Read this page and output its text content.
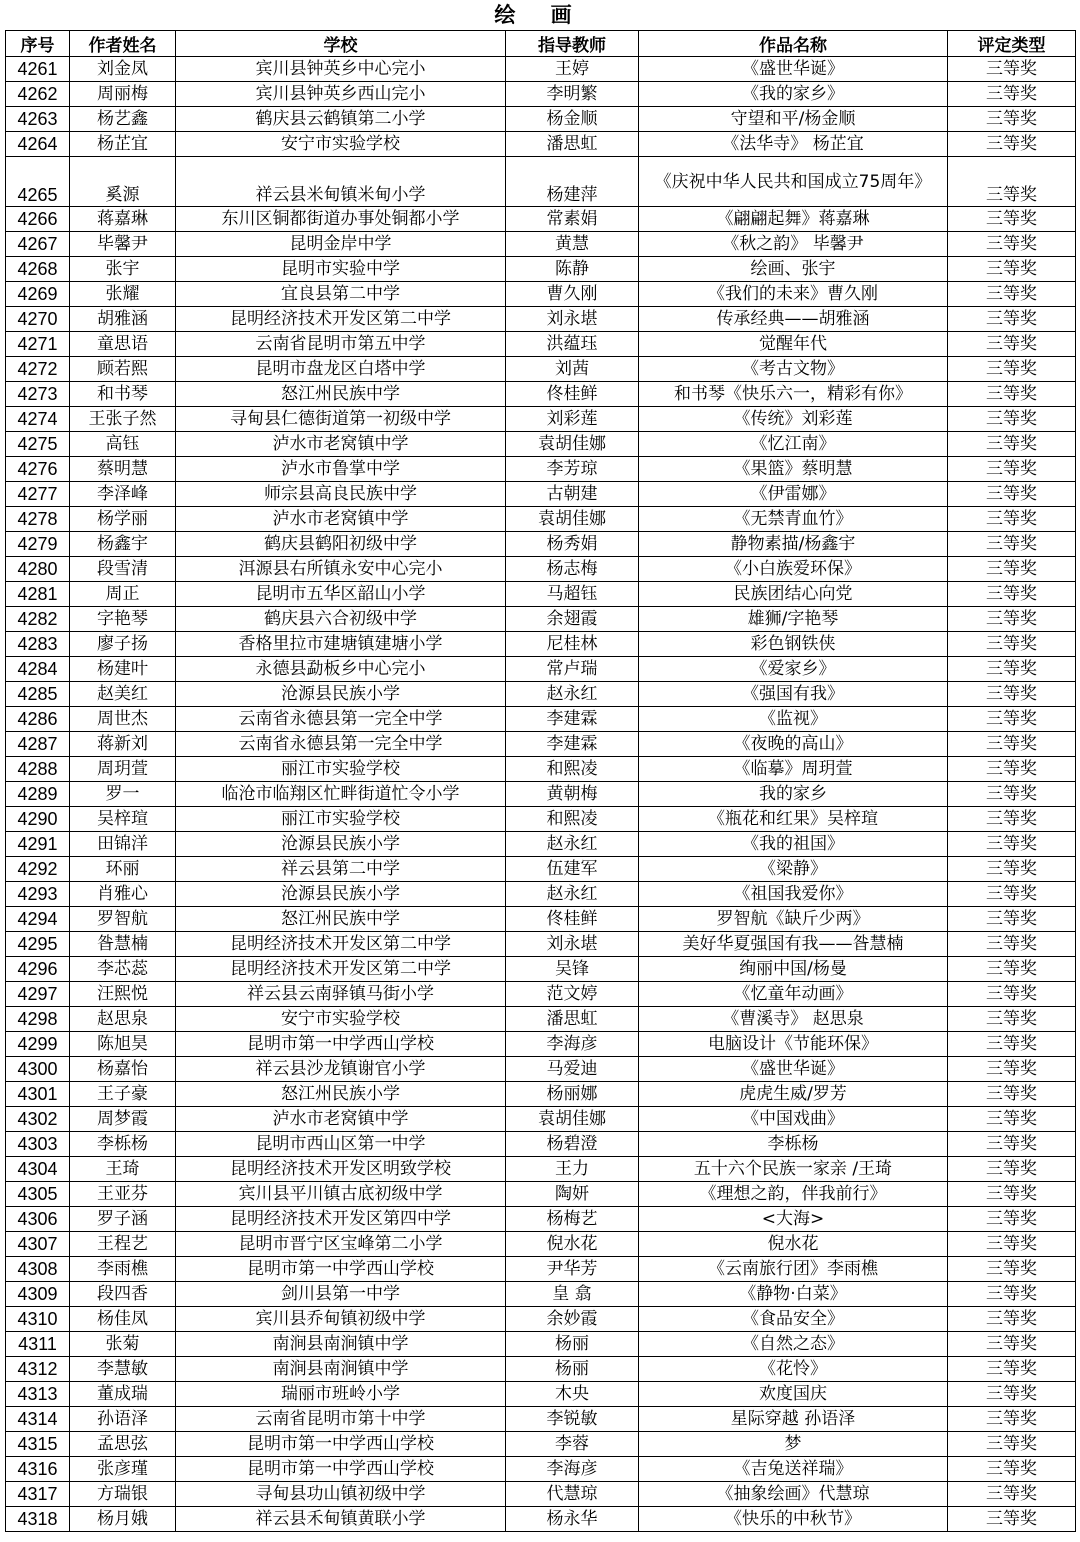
绘 画
序号	作者姓名	学校	指导教师	作品名称	评定类型
4261	刘金凤	宾川县钟英乡中心完小	王婷	《盛世华诞》	三等奖
4262	周丽梅	宾川县钟英乡西山完小	李明繁	《我的家乡》	三等奖
4263	杨艺鑫	鹤庆县云鹤镇第二小学	杨金顺	守望和平/杨金顺	三等奖
4264	杨芷宜	安宁市实验学校	潘思虹	《法华寺》 杨芷宜	三等奖
4265	奚源	祥云县米甸镇米甸小学	杨建萍	《庆祝中华人民共和国成立75周年》	三等奖
4266	蒋嘉琳	东川区铜都街道办事处铜都小学	常素娟	《翩翩起舞》蒋嘉琳	三等奖
4267	毕馨尹	昆明金岸中学	黄慧	《秋之韵》 毕馨尹	三等奖
4268	张宇	昆明市实验中学	陈静	绘画、张宇	三等奖
4269	张耀	宜良县第二中学	曹久刚	《我们的未来》曹久刚	三等奖
4270	胡雅涵	昆明经济技术开发区第二中学	刘永堪	传承经典——胡雅涵	三等奖
4271	童思语	云南省昆明市第五中学	洪蕴珏	觉醒年代	三等奖
4272	顾若熙	昆明市盘龙区白塔中学	刘茜	《考古文物》	三等奖
4273	和书琴	怒江州民族中学	佟桂鲜	和书琴《快乐六一，精彩有你》	三等奖
4274	王张子然	寻甸县仁德街道第一初级中学	刘彩莲	《传统》刘彩莲	三等奖
4275	高钰	泸水市老窝镇中学	袁胡佳娜	《忆江南》	三等奖
4276	蔡明慧	泸水市鲁掌中学	李芳琼	《果篮》蔡明慧	三等奖
4277	李泽峰	师宗县高良民族中学	古朝建	《伊雷娜》	三等奖
4278	杨学丽	泸水市老窝镇中学	袁胡佳娜	《无禁青血竹》	三等奖
4279	杨鑫宇	鹤庆县鹤阳初级中学	杨秀娟	静物素描/杨鑫宇	三等奖
4280	段雪清	洱源县右所镇永安中心完小	杨志梅	《小白族爱环保》	三等奖
4281	周正	昆明市五华区韶山小学	马超钰	民族团结心向党	三等奖
4282	字艳琴	鹤庆县六合初级中学	余翅霞	雄狮/字艳琴	三等奖
4283	廖子扬	香格里拉市建塘镇建塘小学	尼桂林	彩色钢铁侠	三等奖
4284	杨建叶	永德县勐板乡中心完小	常卢瑞	《爱家乡》	三等奖
4285	赵美红	沧源县民族小学	赵永红	《强国有我》	三等奖
4286	周世杰	云南省永德县第一完全中学	李建霖	《监视》	三等奖
4287	蒋新刘	云南省永德县第一完全中学	李建霖	《夜晚的高山》	三等奖
4288	周玥萱	丽江市实验学校	和熙凌	《临摹》周玥萱	三等奖
4289	罗一	临沧市临翔区忙畔街道忙令小学	黄朝梅	我的家乡	三等奖
4290	吴梓瑄	丽江市实验学校	和熙凌	《瓶花和红果》吴梓瑄	三等奖
4291	田锦洋	沧源县民族小学	赵永红	《我的祖国》	三等奖
4292	环丽	祥云县第二中学	伍建军	《梁静》	三等奖
4293	肖雅心	沧源县民族小学	赵永红	《祖国我爱你》	三等奖
4294	罗智航	怒江州民族中学	佟桂鲜	罗智航《缺斤少两》	三等奖
4295	昝慧楠	昆明经济技术开发区第二中学	刘永堪	美好华夏强国有我——昝慧楠	三等奖
4296	李芯蕊	昆明经济技术开发区第二中学	吴锋	绚丽中国/杨曼	三等奖
4297	汪熙悦	祥云县云南驿镇马街小学	范文婷	《忆童年动画》	三等奖
4298	赵思泉	安宁市实验学校	潘思虹	《曹溪寺》 赵思泉	三等奖
4299	陈旭昊	昆明市第一中学西山学校	李海彦	电脑设计《节能环保》	三等奖
4300	杨嘉怡	祥云县沙龙镇谢官小学	马爱迪	《盛世华诞》	三等奖
4301	王子豪	怒江州民族小学	杨丽娜	虎虎生威/罗芳	三等奖
4302	周梦霞	泸水市老窝镇中学	袁胡佳娜	《中国戏曲》	三等奖
4303	李栎杨	昆明市西山区第一中学	杨碧澄	李栎杨	三等奖
4304	王琦	昆明经济技术开发区明致学校	王力	五十六个民族一家亲 /王琦	三等奖
4305	王亚芬	宾川县平川镇古底初级中学	陶妍	《理想之韵，伴我前行》	三等奖
4306	罗子涵	昆明经济技术开发区第四中学	杨梅艺	<大海>	三等奖
4307	王程艺	昆明市晋宁区宝峰第二小学	倪水花	倪水花	三等奖
4308	李雨樵	昆明市第一中学西山学校	尹华芳	《云南旅行团》李雨樵	三等奖
4309	段四香	剑川县第一中学	皇 翕	《静物·白菜》	三等奖
4310	杨佳凤	宾川县乔甸镇初级中学	余妙霞	《食品安全》	三等奖
4311	张菊	南涧县南涧镇中学	杨丽	《自然之态》	三等奖
4312	李慧敏	南涧县南涧镇中学	杨丽	《花怜》	三等奖
4313	董成瑞	瑞丽市班岭小学	木央	欢度国庆	三等奖
4314	孙语泽	云南省昆明市第十中学	李锐敏	星际穿越 孙语泽	三等奖
4315	孟思弦	昆明市第一中学西山学校	李蓉	梦	三等奖
4316	张彦瑾	昆明市第一中学西山学校	李海彦	《吉兔送祥瑞》	三等奖
4317	方瑞银	寻甸县功山镇初级中学	代慧琼	《抽象绘画》代慧琼	三等奖
4318	杨月娥	祥云县禾甸镇黄联小学	杨永华	《快乐的中秋节》	三等奖
